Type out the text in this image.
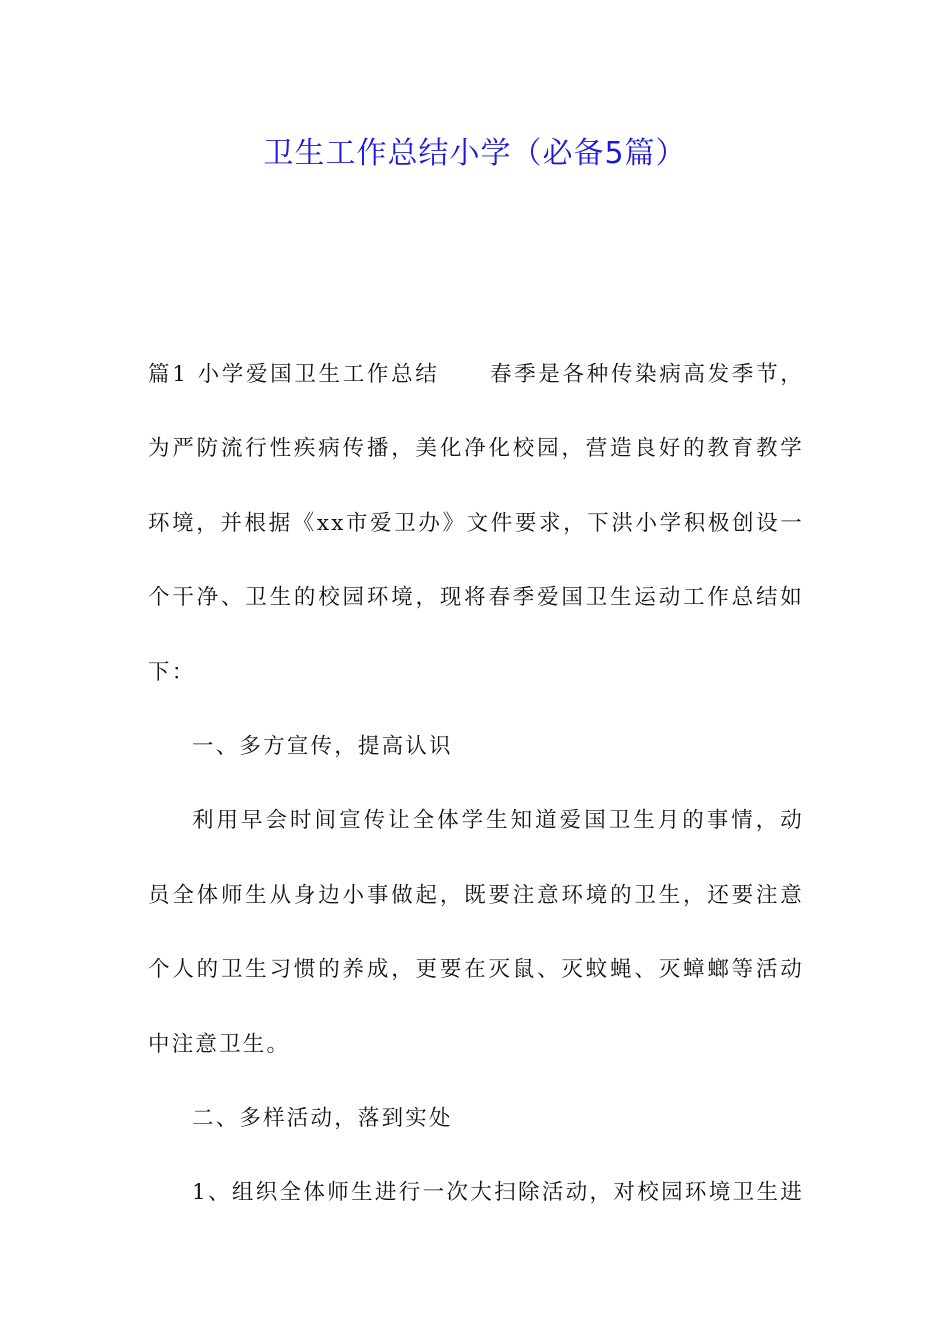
卫生工作总结小学（必备5篇）
篇1 小学爱国卫生工作总结 春季是各种传染病高发季节，
为严防流行性疾病传播，美化净化校园，营造良好的教育教学
环境，并根据《xx市爱卫办》文件要求，下洪小学积极创设一
个干净、卫生的校园环境，现将春季爱国卫生运动工作总结如
下：
一、多方宣传，提高认识
利用早会时间宣传让全体学生知道爱国卫生月的事情，动
员全体师生从身边小事做起，既要注意环境的卫生，还要注意
个人的卫生习惯的养成，更要在灭鼠、灭蚊蝇、灭蟑螂等活动
中注意卫生。
二、多样活动，落到实处
1、组织全体师生进行一次大扫除活动，对校园环境卫生进
